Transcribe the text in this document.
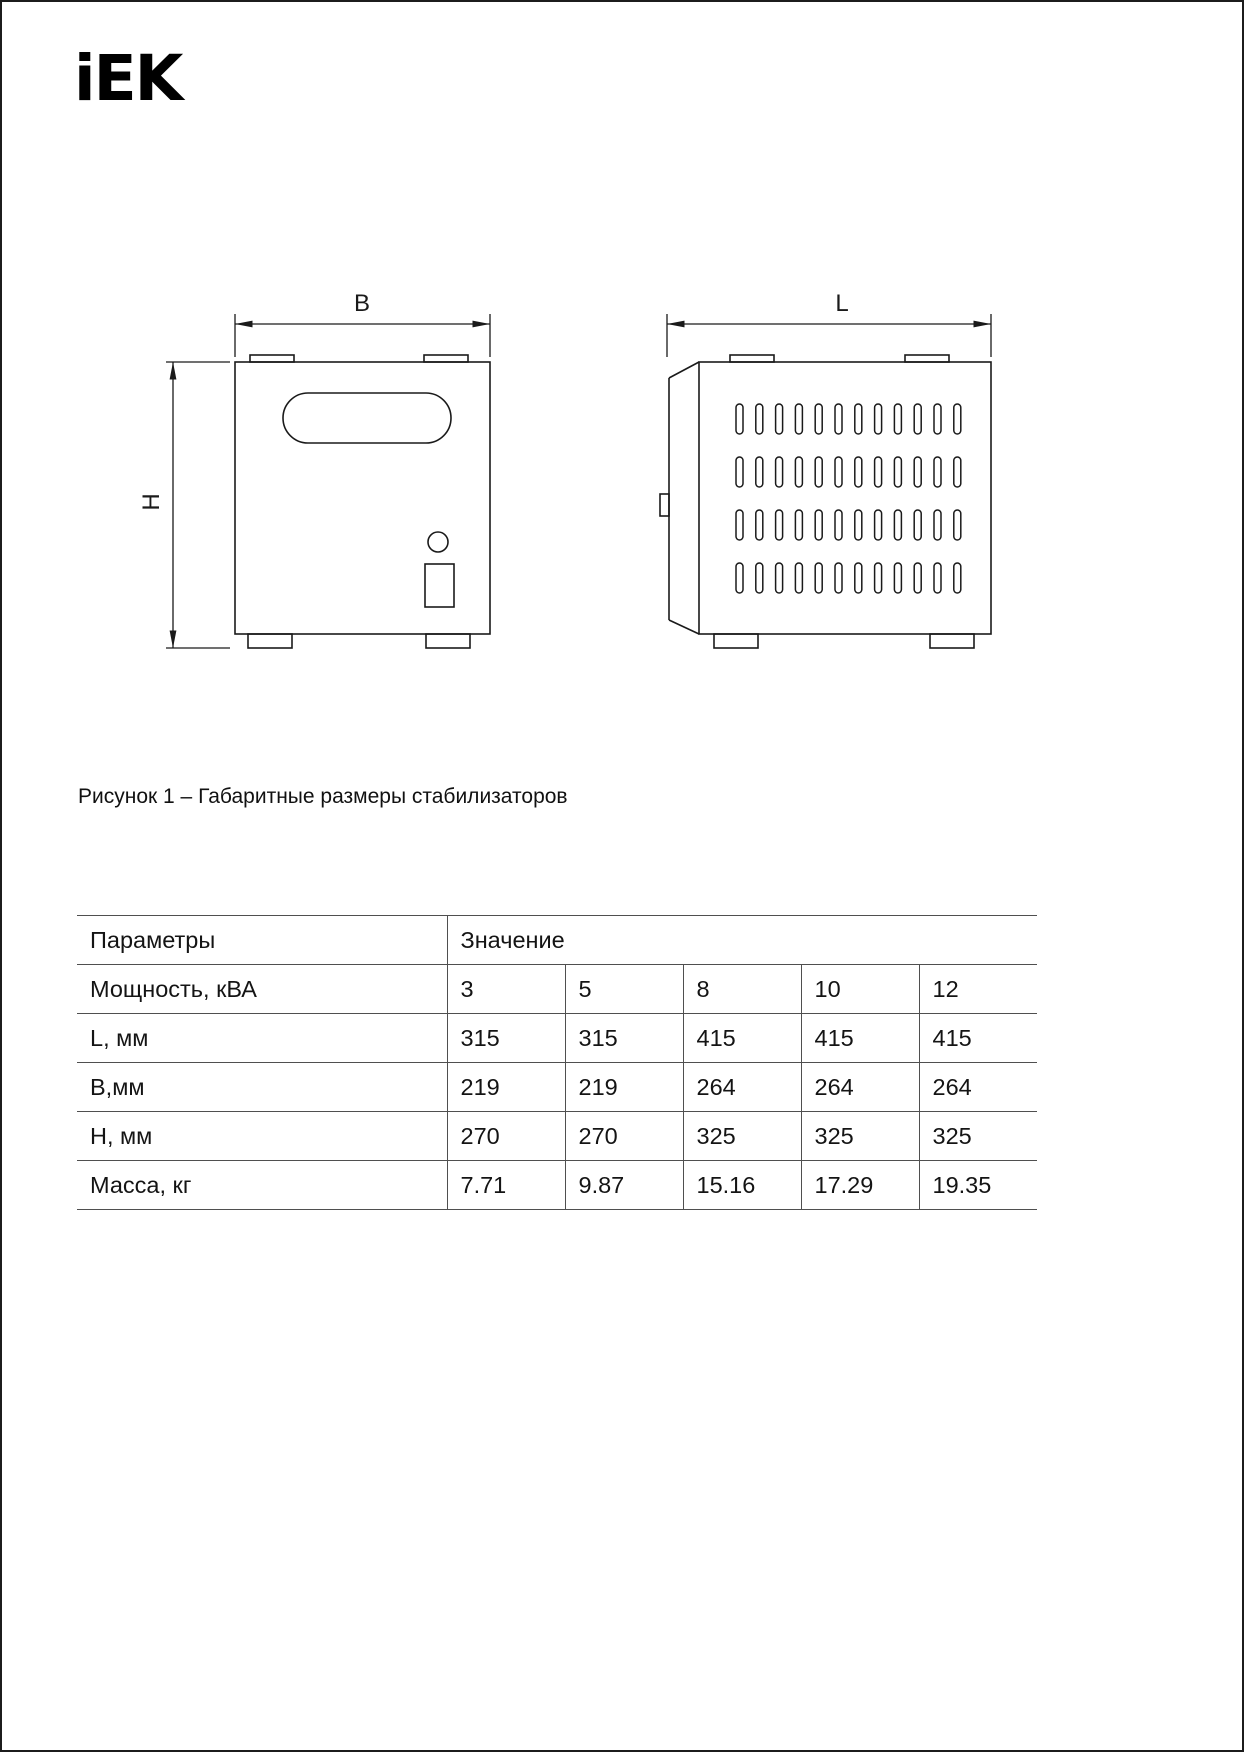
iEK
B
H
L
Рисунок 1 – Габаритные размеры стабилизаторов
Параметры	Значение				
Мощность, кВА	3	5	8	10	12
L, мм	315	315	415	415	415
B,мм	219	219	264	264	264
H, мм	270	270	325	325	325
Масса, кг	7.71	9.87	15.16	17.29	19.35
